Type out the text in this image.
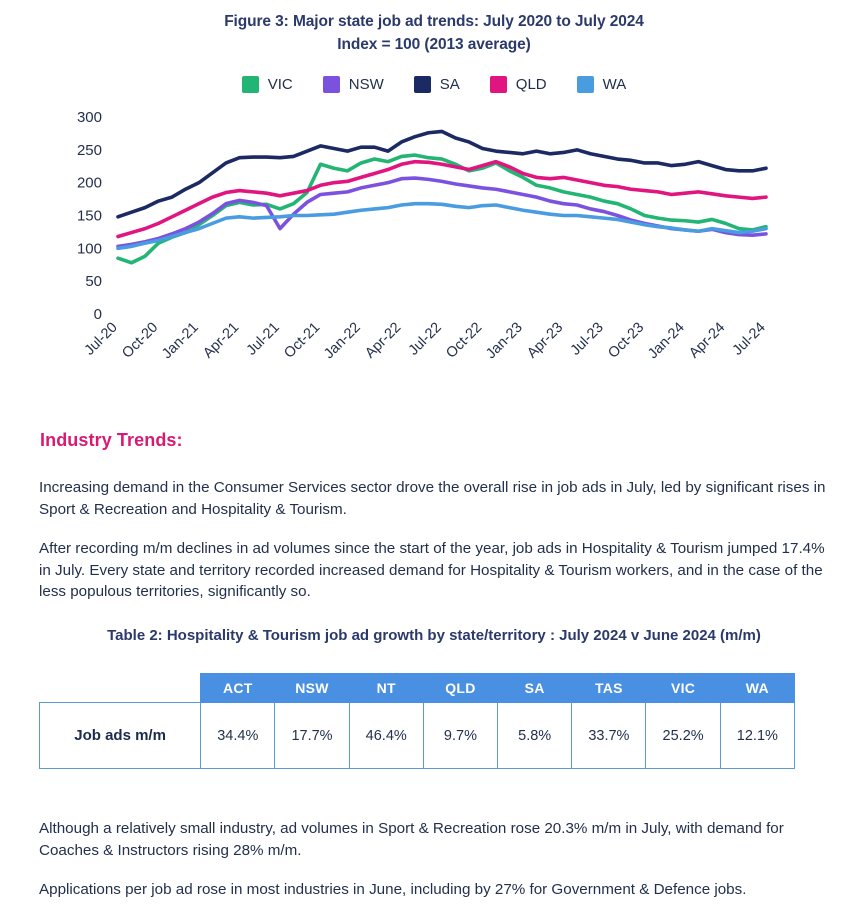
Figure 3: Major state job ad trends: July 2020 to July 2024
Index = 100 (2013 average)
VIC	NSW	SA	QLD	WA
0
50
100
150
200
250
300
Jul-20
Oct-20
Jan-21
Apr-21 Jul-21
Oct-21
Jan-22
Apr-22 Jul-22
Oct-22
Jan-23
Apr-23 Jul-23
Oct-23
Jan-24
Apr-24 Jul-24
Industry Trends:

Increasing demand in the Consumer Services sector drove the overall rise in job ads in July, led by significant rises in Sport & Recreation and Hospitality & Tourism.

After recording m/m declines in ad volumes since the start of the year, job ads in Hospitality & Tourism jumped 17.4% in July. Every state and territory recorded increased demand for Hospitality & Tourism workers, and in the case of the less populous territories, significantly so.

Table 2: Hospitality & Tourism job ad growth by state/territory : July 2024 v June 2024 (m/m)
	ACT	NSW	NT	QLD	SA	TAS	VIC	WA
Job ads m/m	34.4%	17.7%	46.4%	9.7%	5.8%	33.7%	25.2%	12.1%

Although a relatively small industry, ad volumes in Sport & Recreation rose 20.3% m/m in July, with demand for Coaches & Instructors rising 28% m/m.

Applications per job ad rose in most industries in June, including by 27% for Government & Defence jobs.
